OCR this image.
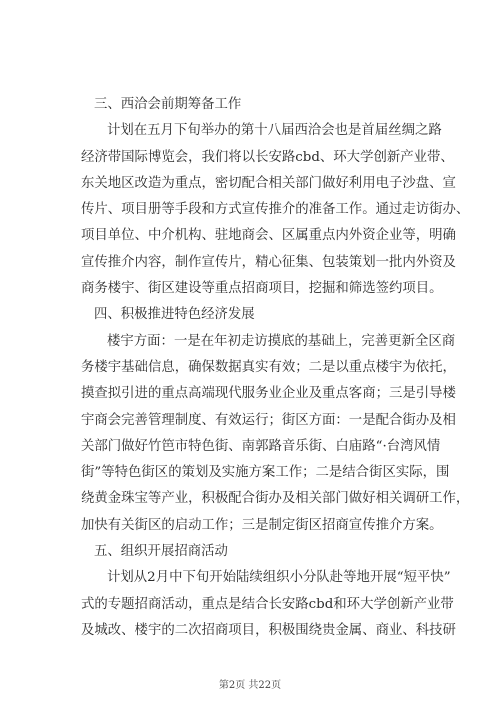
三、西洽会前期筹备工作
计划在五月下旬举办的第十八届西洽会也是首届丝绸之路
经济带国际博览会，我们将以长安路cbd、环大学创新产业带、
东关地区改造为重点，密切配合相关部门做好利用电子沙盘、宣
传片、项目册等手段和方式宣传推介的准备工作。通过走访街办、
项目单位、中介机构、驻地商会、区属重点内外资企业等，明确
宣传推介内容，制作宣传片，精心征集、包装策划一批内外资及
商务楼宇、街区建设等重点招商项目，挖掘和筛选签约项目。
四、积极推进特色经济发展
楼宇方面：一是在年初走访摸底的基础上，完善更新全区商
务楼宇基础信息，确保数据真实有效；二是以重点楼宇为依托，
摸查拟引进的重点高端现代服务业企业及重点客商；三是引导楼
宇商会完善管理制度、有效运行；街区方面：一是配合街办及相
关部门做好竹笆市特色街、南郭路音乐街、白庙路“·台湾风情
街”等特色街区的策划及实施方案工作；二是结合街区实际，围
绕黄金珠宝等产业，积极配合街办及相关部门做好相关调研工作，
加快有关街区的启动工作；三是制定街区招商宣传推介方案。
五、组织开展招商活动
计划从2月中下旬开始陆续组织小分队赴等地开展“短平快”
式的专题招商活动，重点是结合长安路cbd和环大学创新产业带
及城改、楼宇的二次招商项目，积极围绕贵金属、商业、科技研
第2页 共22页
